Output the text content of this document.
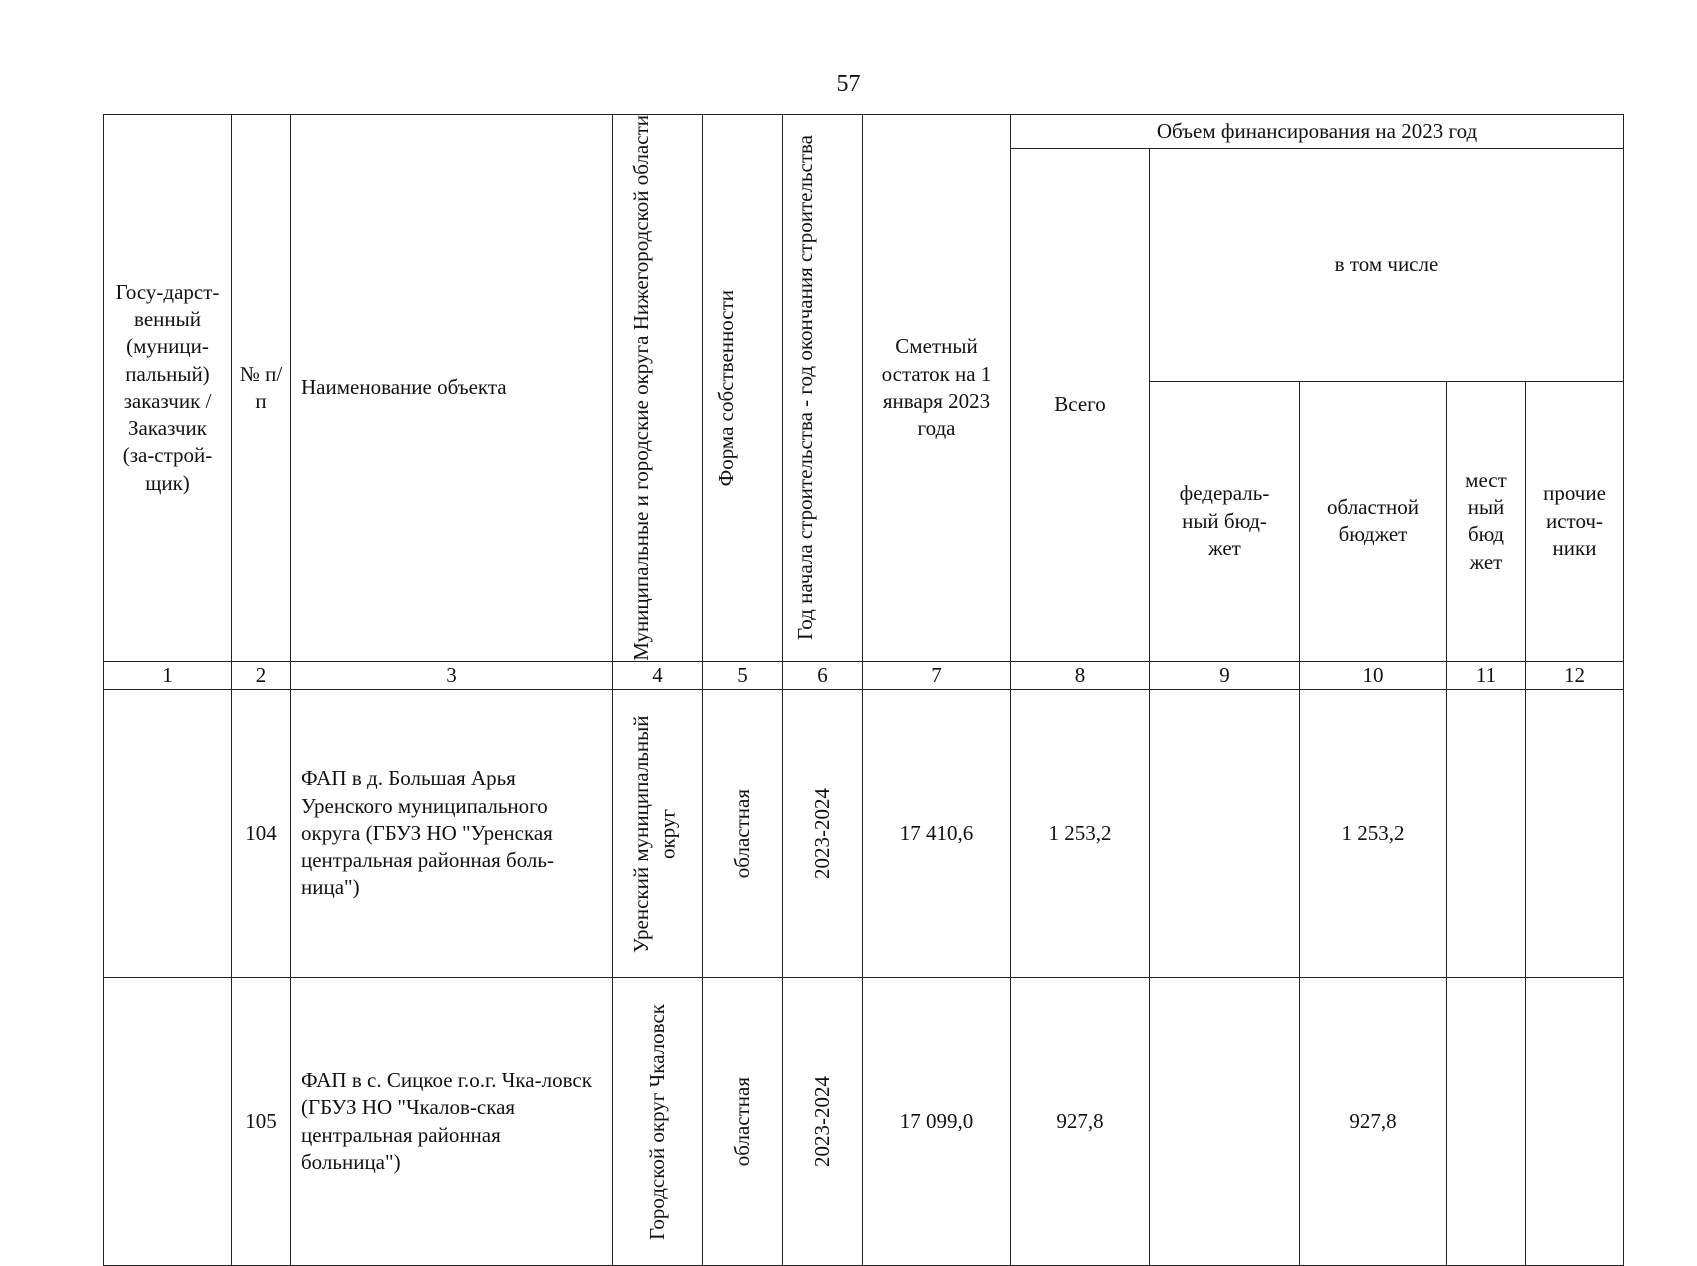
57
Госу-дарст-венный (муници-пальный) заказчик / Заказчик (за-строй-щик)	№ п/п	Наименование объекта	Муниципальные и городские округа Нижегородской области	Форма собственности	Год начала строительства - год окончания строительства	Сметный остаток на 1 января 2023 года	Объем финансирования на 2023 год				
							Всего	в том числе			
								федераль-ный бюд-жет	областной бюджет	мест ный бюд жет	прочие источ-ники
1	2	3	4	5	6	7	8	9	10	11	12
	104	ФАП в д. Большая Арья Уренского муниципального округа (ГБУЗ НО "Уренская центральная районная боль-ница")	Уренский муниципальный округ	областная	2023-2024	17 410,6	1 253,2		1 253,2		
	105	ФАП в с. Сицкое г.о.г. Чка-ловск (ГБУЗ НО "Чкалов-ская центральная районная больница")	Городской округ Чкаловск	областная	2023-2024	17 099,0	927,8		927,8		
